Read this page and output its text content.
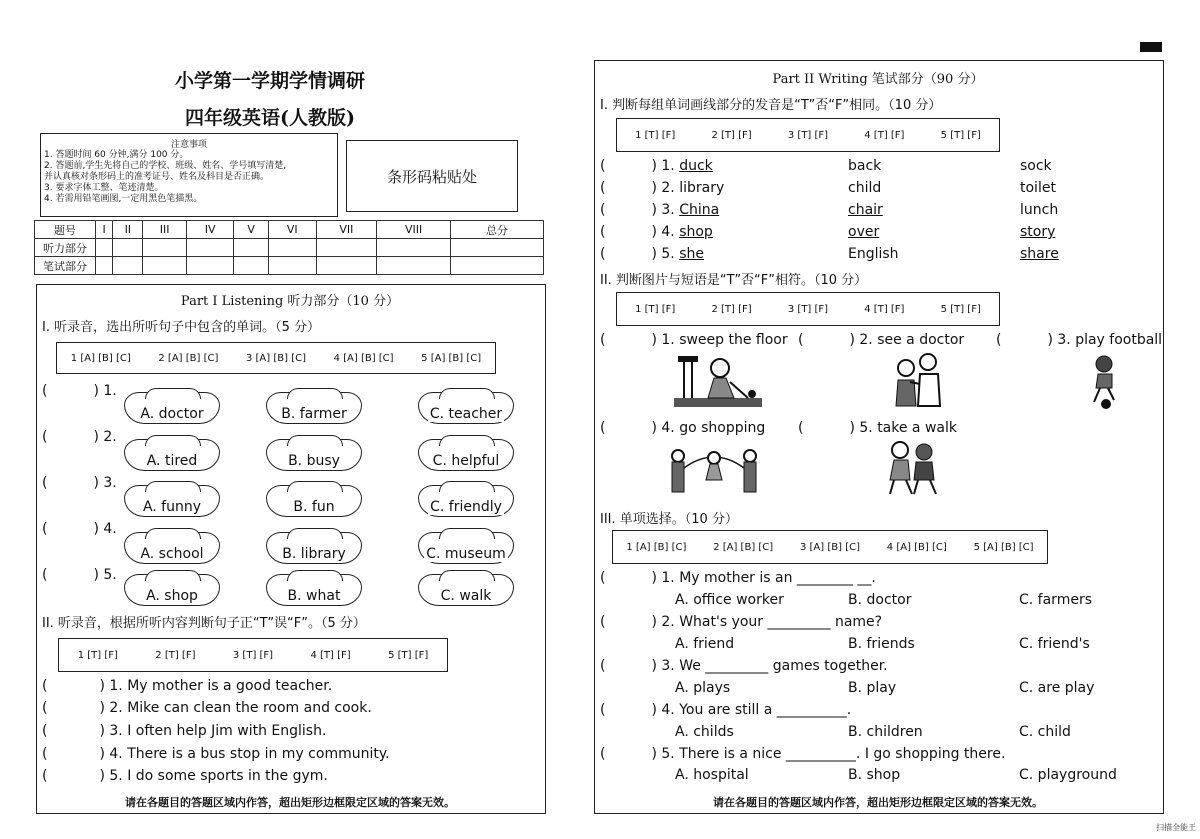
小学第一学期学情调研
四年级英语(人教版)
注意事项
1. 答题时间 60 分钟,满分 100 分。
2. 答题前,学生先将自己的学校、班级、姓名、学号填写清楚,
并认真核对条形码上的准考证号、姓名及科目是否正确。
3. 要求字体工整、笔迹清楚。
4. 若需用铅笔画图,一定用黑色笔描黑。
条形码粘贴处
题号	I	II	III	IV	V	VI	VII	VIII	总分
听力部分									
笔试部分									
Part I Listening 听力部分（10 分）
I. 听录音，选出所听句子中包含的单词。（5 分）
1 [A] [B] [C]	2 [A] [B] [C]	3 [A] [B] [C]	4 [A] [B] [C]	5 [A] [B] [C]
(	) 1.
A. doctor	B. farmer	C. teacher
(	) 2.
A. tired	B. busy	C. helpful
(	) 3.
A. funny	B. fun	C. friendly
(	) 4.
A. school	B. library	C. museum
(	) 5.
A. shop	B. what	C. walk
II. 听录音，根据所听内容判断句子正“T”误“F”。（5 分）
1 [T] [F]	2 [T] [F]	3 [T] [F]	4 [T] [F]	5 [T] [F]
(	) 1. My mother is a good teacher.
(	) 2. Mike can clean the room and cook.
(	) 3. I often help Jim with English.
(	) 4. There is a bus stop in my community.
(	) 5. I do some sports in the gym.
请在各题目的答题区域内作答，超出矩形边框限定区域的答案无效。
Part II Writing 笔试部分（90 分）
I. 判断每组单词画线部分的发音是“T”否“F”相同。（10 分）
1 [T] [F]	2 [T] [F]	3 [T] [F]	4 [T] [F]	5 [T] [F]
(	) 1. duck	back	sock
(	) 2. library	child	toilet
(	) 3. China	chair	lunch
(	) 4. shop	over	story
(	) 5. she	English	share
II. 判断图片与短语是“T”否“F”相符。（10 分）
1 [T] [F]	2 [T] [F]	3 [T] [F]	4 [T] [F]	5 [T] [F]
(	) 1. sweep the floor (	) 2. see a doctor (	) 3. play football
(	) 4. go shopping (	) 5. take a walk
III. 单项选择。（10 分）
1 [A] [B] [C]	2 [A] [B] [C]	3 [A] [B] [C]	4 [A] [B] [C]	5 [A] [B] [C]
(	) 1. My mother is an ________ __.
A. office worker	B. doctor	C. farmers
(	) 2. What's your _________ name?
A. friend	B. friends	C. friend's
(	) 3. We _________ games together.
A. plays	B. play	C. are play
(	) 4. You are still a __________.
A. childs	B. children	C. child
(	) 5. There is a nice __________. I go shopping there.
A. hospital	B. shop	C. playground
请在各题目的答题区域内作答，超出矩形边框限定区域的答案无效。
扫描全能王
